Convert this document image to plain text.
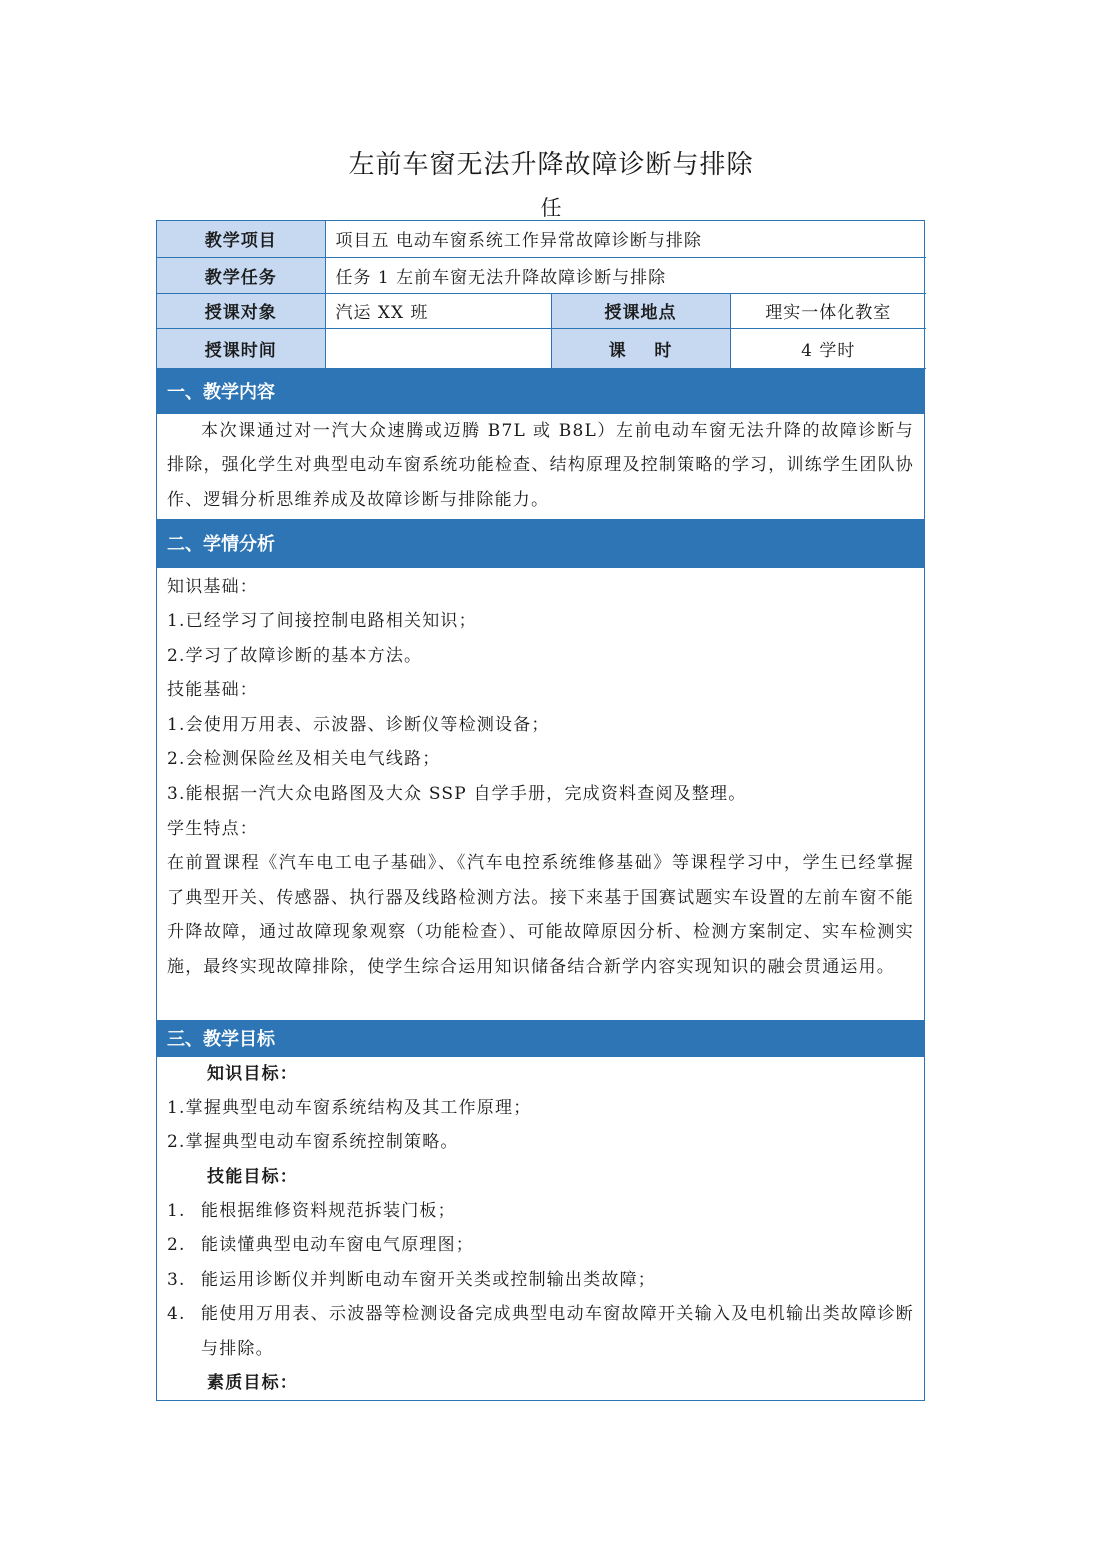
左前车窗无法升降故障诊断与排除
任
教学项目	项目五 电动车窗系统工作异常故障诊断与排除		
教学任务	任务 1 左前车窗无法升降故障诊断与排除		
授课对象	汽运 XX 班	授课地点	理实一体化教室
授课时间		课    时	4 学时
一、教学内容
本次课通过对一汽大众速腾或迈腾 B7L 或 B8L）左前电动车窗无法升降的故障诊断与排除，强化学生对典型电动车窗系统功能检查、结构原理及控制策略的学习，训练学生团队协作、逻辑分析思维养成及故障诊断与排除能力。
二、学情分析
知识基础：
1.已经学习了间接控制电路相关知识；
2.学习了故障诊断的基本方法。
技能基础：
1.会使用万用表、示波器、诊断仪等检测设备；
2.会检测保险丝及相关电气线路；
3.能根据一汽大众电路图及大众 SSP 自学手册，完成资料查阅及整理。
学生特点：
在前置课程《汽车电工电子基础》、《汽车电控系统维修基础》等课程学习中，学生已经掌握了典型开关、传感器、执行器及线路检测方法。接下来基于国赛试题实车设置的左前车窗不能升降故障，通过故障现象观察（功能检查）、可能故障原因分析、检测方案制定、实车检测实施，最终实现故障排除，使学生综合运用知识储备结合新学内容实现知识的融会贯通运用。
三、教学目标
知识目标：
1.掌握典型电动车窗系统结构及其工作原理；
2.掌握典型电动车窗系统控制策略。
技能目标：
1. 能根据维修资料规范拆装门板；
2. 能读懂典型电动车窗电气原理图；
3. 能运用诊断仪并判断电动车窗开关类或控制输出类故障；
4. 能使用万用表、示波器等检测设备完成典型电动车窗故障开关输入及电机输出类故障诊断与排除。
素质目标：
